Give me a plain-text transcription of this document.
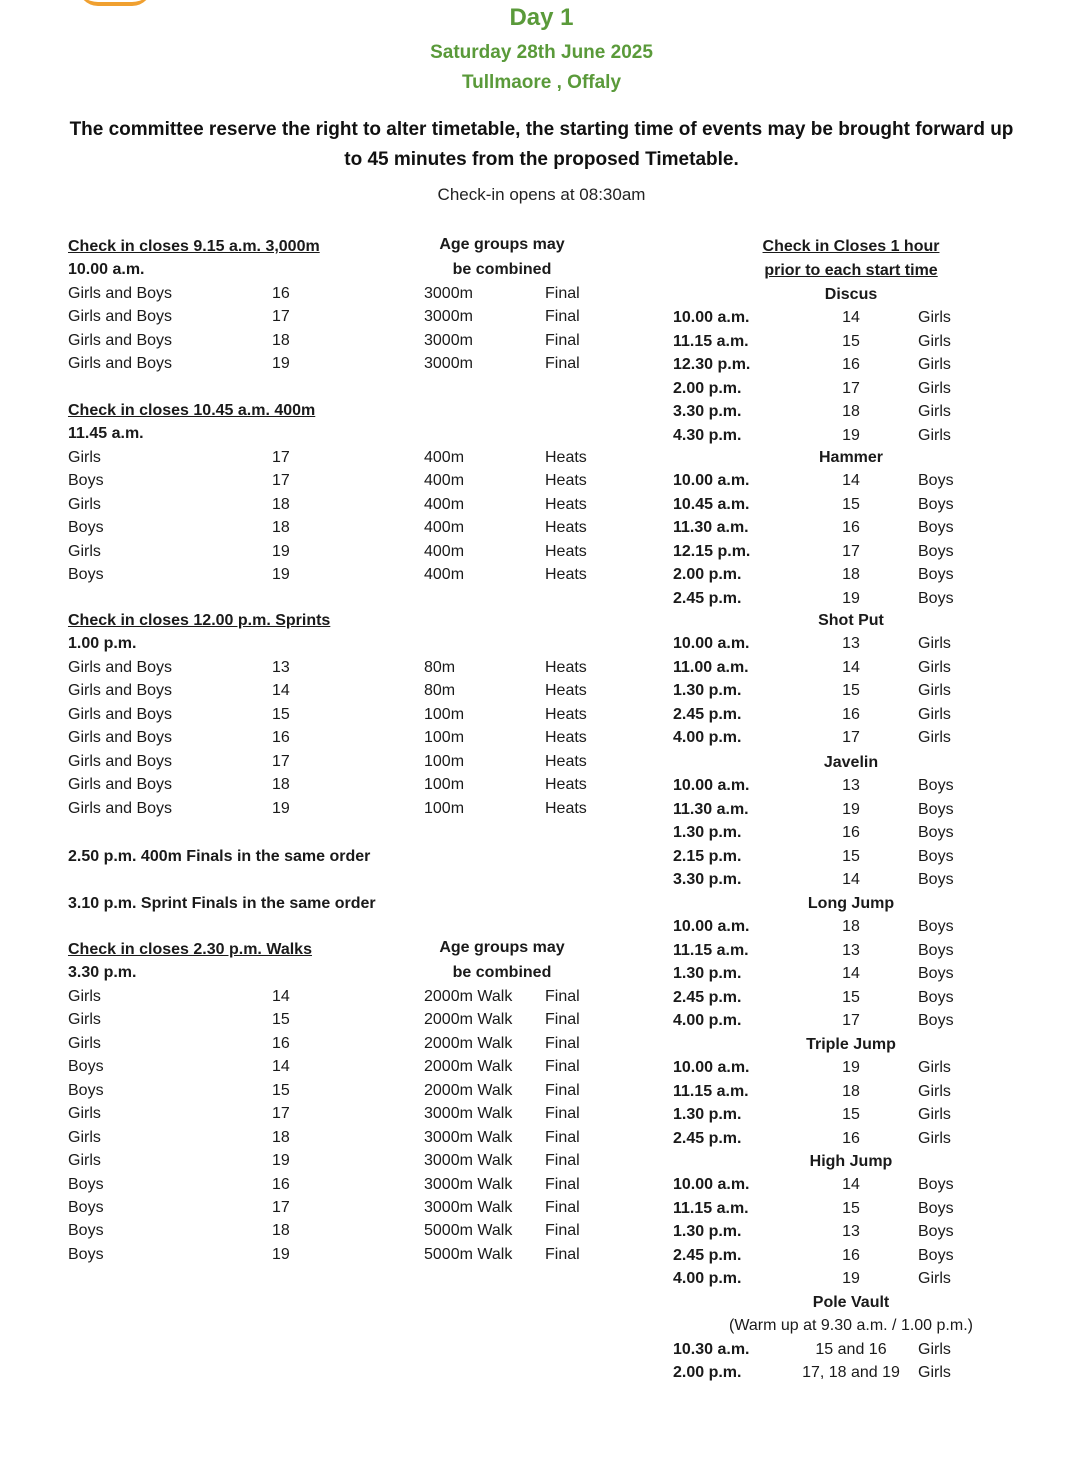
Day 1
Saturday 28th June 2025
Tullmaore , Offaly
The committee reserve the right to alter timetable, the starting time of events may be brought forward up to 45 minutes from the proposed Timetable.
Check-in opens at 08:30am
Check in closes 9.15 a.m. 3,000m	Age groups may
be combined
10.00 a.m.
Girls and Boys	16	3000m	Final
Girls and Boys	17	3000m	Final
Girls and Boys	18	3000m	Final
Girls and Boys	19	3000m	Final
Check in closes 10.45 a.m. 400m
11.45 a.m.
Girls	17	400m	Heats
Boys	17	400m	Heats
Girls	18	400m	Heats
Boys	18	400m	Heats
Girls	19	400m	Heats
Boys	19	400m	Heats
Check in closes 12.00 p.m. Sprints
1.00 p.m.
Girls and Boys	13	80m	Heats
Girls and Boys	14	80m	Heats
Girls and Boys	15	100m	Heats
Girls and Boys	16	100m	Heats
Girls and Boys	17	100m	Heats
Girls and Boys	18	100m	Heats
Girls and Boys	19	100m	Heats
Check in closes 2.30 p.m. Walks	Age groups may
be combined
3.30 p.m.
Girls	14	2000m Walk Final
Girls	15	2000m Walk Final
Girls	16	2000m Walk Final
Boys	14	2000m Walk Final
Boys	15	2000m Walk Final
Girls	17	3000m Walk Final
Girls	18	3000m Walk Final
Girls	19	3000m Walk Final
Boys	16	3000m Walk Final
Boys	17	3000m Walk Final
Boys	18	5000m Walk Final
Boys	19	5000m Walk Final
2.50 p.m. 400m Finals in the same order
3.10 p.m. Sprint Finals in the same order
Check in Closes 1 hour
prior to each start time
Discus
10.00 a.m.	14	Girls
11.15 a.m.	15	Girls
12.30 p.m.	16	Girls
2.00 p.m.	17	Girls
3.30 p.m.	18	Girls
4.30 p.m.	19	Girls
Hammer
10.00 a.m.	14	Boys
10.45 a.m.	15	Boys
11.30 a.m.	16	Boys
12.15 p.m.	17	Boys
2.00 p.m.	18	Boys
2.45 p.m.	19	Boys
Shot Put
10.00 a.m.	13	Girls
11.00 a.m.	14	Girls
1.30 p.m.	15	Girls
2.45 p.m.	16	Girls
4.00 p.m.	17	Girls
Javelin
10.00 a.m.	13	Boys
11.30 a.m.	19	Boys
1.30 p.m.	16	Boys
2.15 p.m.	15	Boys
3.30 p.m.	14	Boys
Long Jump
10.00 a.m.	18	Boys
11.15 a.m.	13	Boys
1.30 p.m.	14	Boys
2.45 p.m.	15	Boys
4.00 p.m.	17	Boys
Triple Jump
10.00 a.m.	19	Girls
11.15 a.m.	18	Girls
1.30 p.m.	15	Girls
2.45 p.m.	16	Girls
High Jump
10.00 a.m.	14	Boys
11.15 a.m.	15	Boys
1.30 p.m.	13	Boys
2.45 p.m.	16	Boys
4.00 p.m.	19	Girls
Pole Vault
(Warm up at 9.30 a.m. / 1.00 p.m.)
10.30 a.m.	15 and 16	Girls
2.00 p.m.	17, 18 and 19	Girls
